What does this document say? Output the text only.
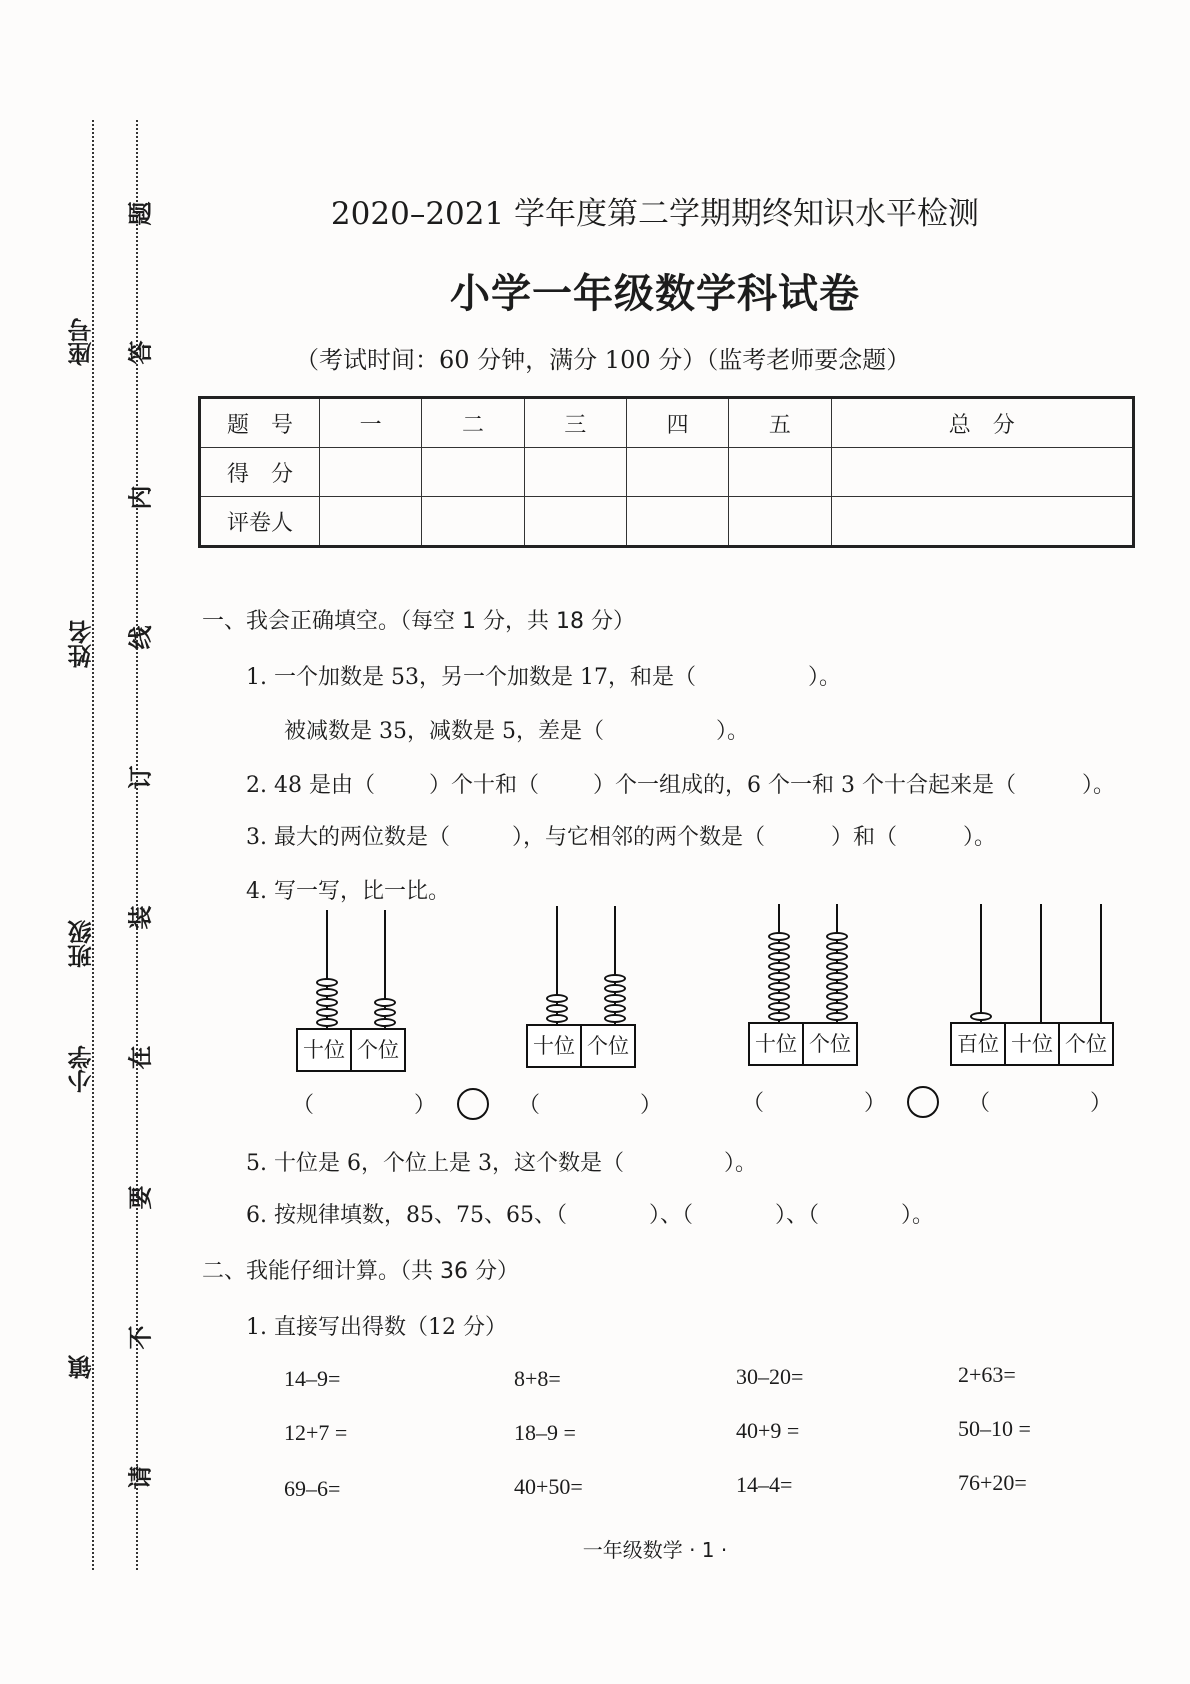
座号
姓名
班级
小学
镇
题
答
内
线
订
装
在
要
不
请
2020–2021 学年度第二学期期终知识水平检测
小学一年级数学科试卷
（考试时间：60 分钟，满分 100 分）（监考老师要念题）
题　号	一	二	三	四	五	总　分
得　分						
评卷人						
一、我会正确填空。（每空 1 分，共 18 分）
1. 一个加数是 53，另一个加数是 17，和是（	）。
被减数是 35，减数是 5，差是（	）。
2. 48 是由（ ）个十和（ ）个一组成的，6 个一和 3 个十合起来是（	）。
3. 最大的两位数是（	），与它相邻的两个数是（	）和（	）。
4. 写一写，比一比。
十位 个位	十位 个位	十位 个位	百位 十位 个位
（	）	（	）	（	）	（	）
5. 十位是 6，个位上是 3，这个数是（	）。
6. 按规律填数，85、75、65、（	）、（	）、（	）。
二、我能仔细计算。（共 36 分）
1. 直接写出得数（12 分）
14–9=	8+8=	30–20=	2+63=
12+7 =	18–9 =	40+9 =	50–10 =
69–6=	40+50=	14–4=	76+20=
一年级数学 · 1 ·
